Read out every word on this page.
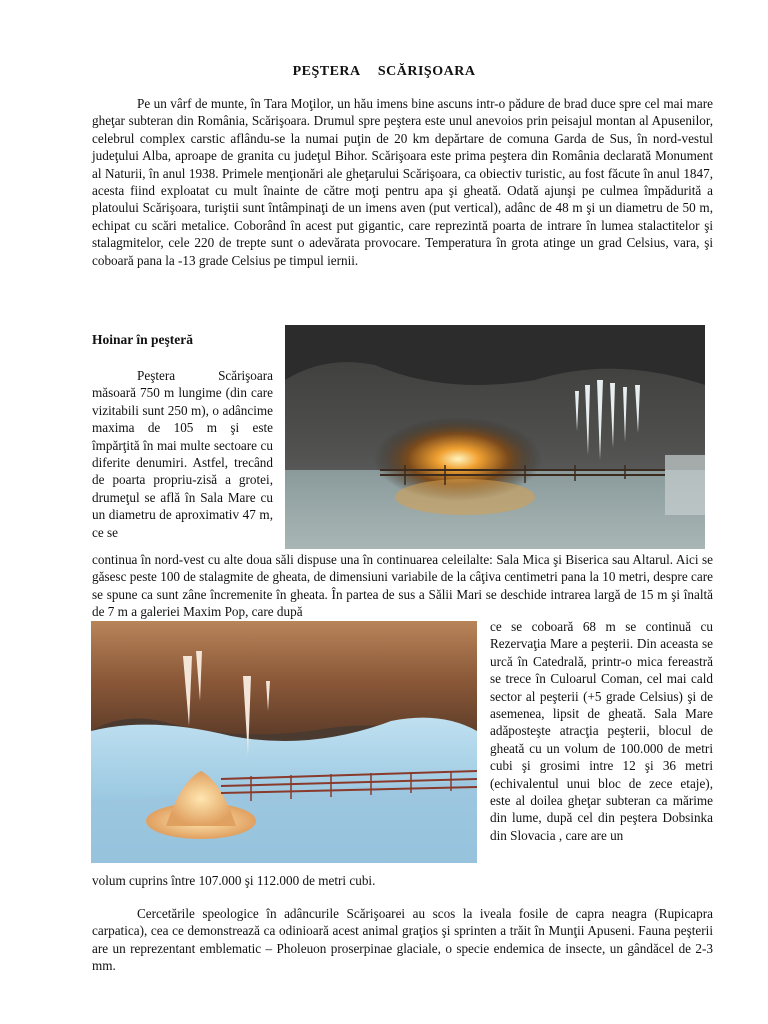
PEŞTERA SCĂRIŞOARA

Pe un vârf de munte, în Tara Moţilor, un hău imens bine ascuns intr-o pădure de brad duce spre cel mai mare gheţar subteran din România, Scărişoara. Drumul spre peştera este unul anevoios prin peisajul montan al Apusenilor, celebrul complex carstic aflându-se la numai puţin de 20 km depărtare de comuna Garda de Sus, în nord-vestul judeţului Alba, aproape de granita cu judeţul Bihor. Scărişoara este prima peştera din România declarată Monument al Naturii, în anul 1938. Primele menţionări ale gheţarului Scărişoara, ca obiectiv turistic, au fost făcute în anul 1847, acesta fiind exploatat cu mult înainte de către moţi pentru apa şi gheată. Odată ajunşi pe culmea împădurită a platoului Scărişoara, turiştii sunt întâmpinaţi de un imens aven (put vertical), adânc de 48 m şi un diametru de 50 m, echipat cu scări metalice. Coborând în acest put gigantic, care reprezintă poarta de intrare în lumea stalactitelor şi stalagmitelor, cele 220 de trepte sunt o adevărata provocare. Temperatura în grota atinge un grad Celsius, vara, şi coboară pana la -13 grade Celsius pe timpul iernii.

Hoinar în peşteră

Peştera Scărişoara măsoară 750 m lungime (din care vizitabili sunt 250 m), o adâncime maxima de 105 m şi este împărţită în mai multe sectoare cu diferite denumiri. Astfel, trecând de poarta propriu-zisă a grotei, drumeţul se află în Sala Mare cu un diametru de aproximativ 47 m, ce se

continua în nord-vest cu alte doua săli dispuse una în continuarea celeilalte: Sala Mica şi Biserica sau Altarul. Aici se găsesc peste 100 de stalagmite de gheata, de dimensiuni variabile de la câţiva centimetri pana la 10 metri, despre care se spune ca sunt zâne încremenite în gheata. În partea de sus a Sălii Mari se deschide intrarea largă de 15 m şi înaltă de 7 m a galeriei Maxim Pop, care după

ce se coboară 68 m se continuă cu Rezervaţia Mare a peşterii. Din aceasta se urcă în Catedrală, printr-o mica fereastră se trece în Culoarul Coman, cel mai cald sector al peşterii (+5 grade Celsius) şi de asemenea, lipsit de gheată. Sala Mare adăposteşte atracţia peşterii, blocul de gheată cu un volum de 100.000 de metri cubi şi grosimi intre 12 şi 36 metri (echivalentul unui bloc de zece etaje), este al doilea gheţar subteran ca mărime din lume, după cel din peştera Dobsinka din Slovacia , care are un

volum cuprins între 107.000 şi 112.000 de metri cubi.

Cercetările speologice în adâncurile Scărişoarei au scos la iveala fosile de capra neagra (Rupicapra carpatica), cea ce demonstrează ca odinioară acest animal graţios şi sprinten a trăit în Munţii Apuseni. Fauna peşterii are un reprezentant emblematic – Pholeuon proserpinae glaciale, o specie endemica de insecte, un gândăcel de 2-3 mm.
